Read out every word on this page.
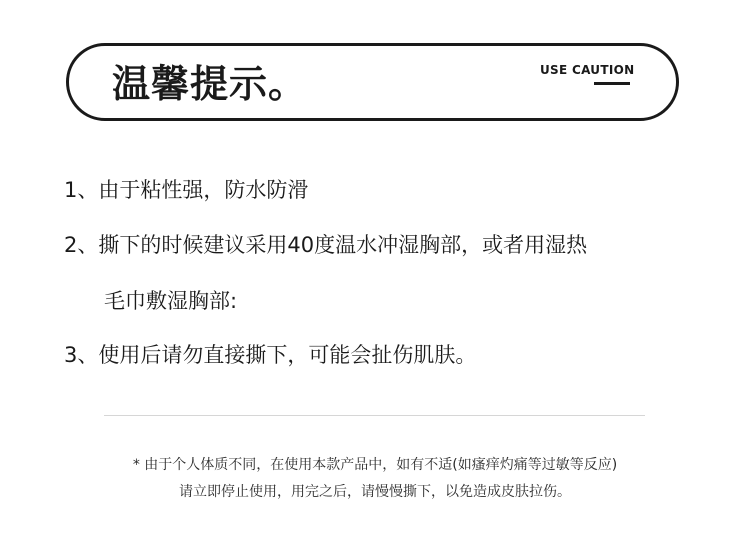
温馨提示。	USE CAUTION
1、由于粘性强，防水防滑
2、撕下的时候建议采用40度温水冲湿胸部，或者用湿热
毛巾敷湿胸部:
3、使用后请勿直接撕下，可能会扯伤肌肤。
* 由于个人体质不同，在使用本款产品中，如有不适(如瘙痒灼痛等过敏等反应)
请立即停止使用，用完之后，请慢慢撕下，以免造成皮肤拉伤。
